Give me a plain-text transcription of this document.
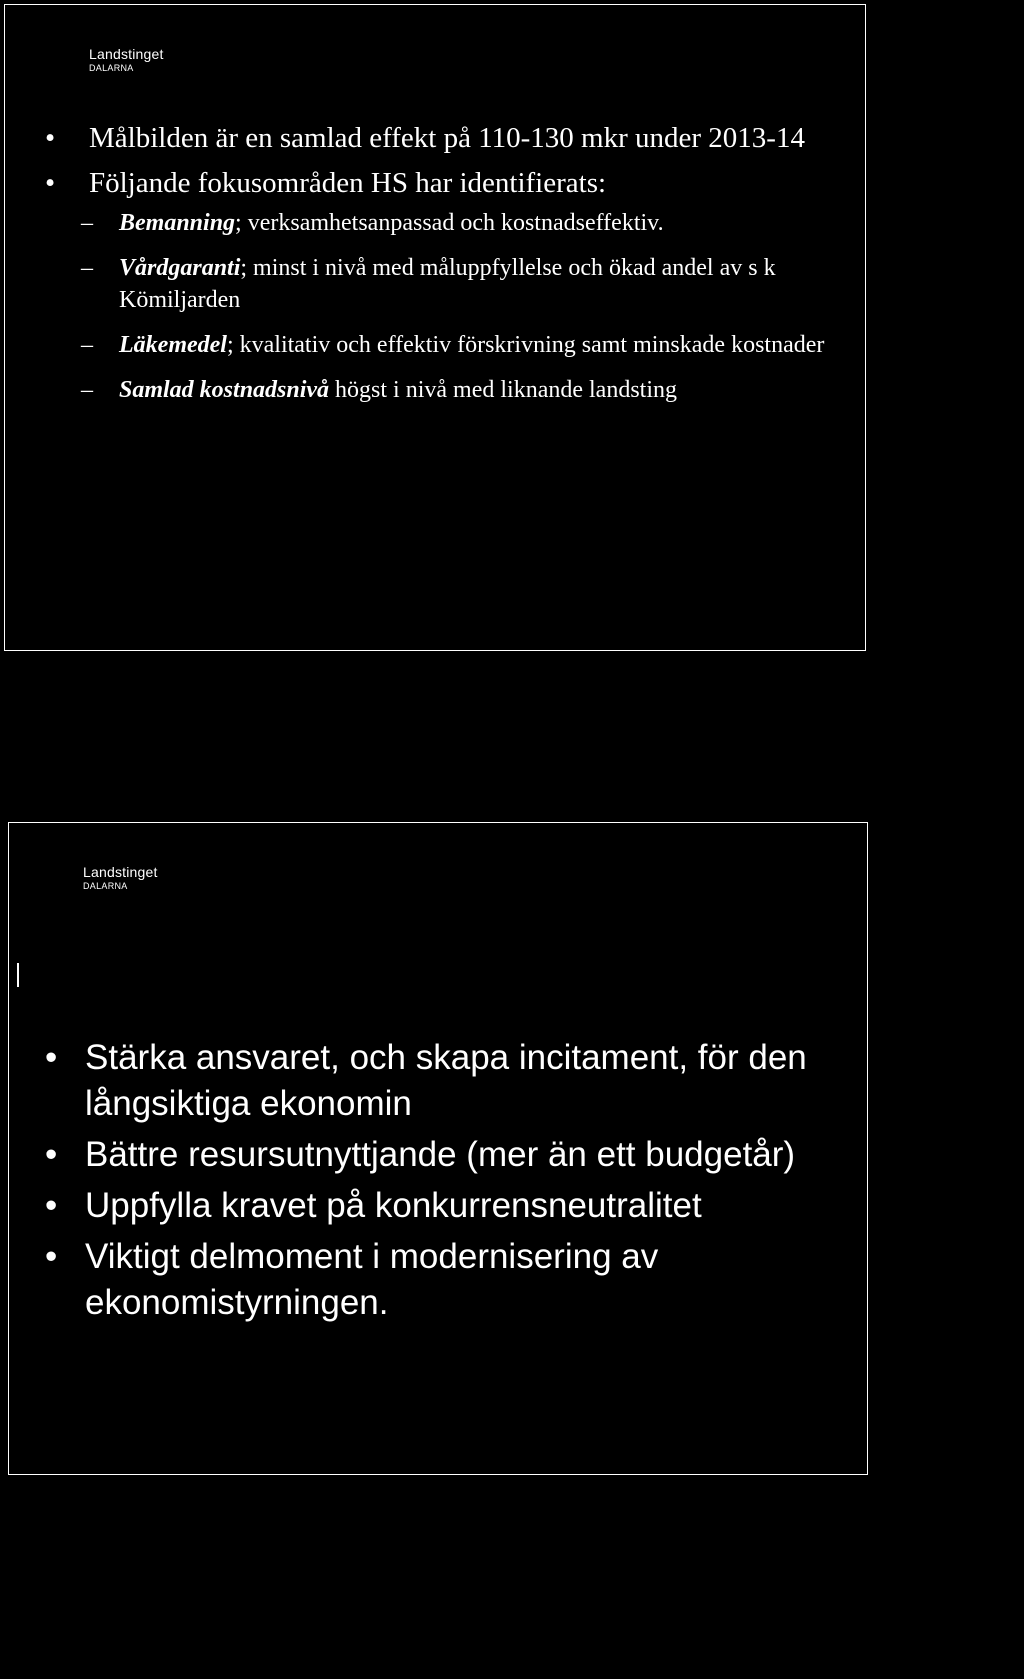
Landstinget
DALARNA
• Målbilden är en samlad effekt på 110-130 mkr under 2013-14
• Följande fokusområden HS har identifierats:
– Bemanning; verksamhetsanpassad och kostnadseffektiv.
– Vårdgaranti; minst i nivå med måluppfyllelse och ökad andel av s k Kömiljarden
– Läkemedel; kvalitativ och effektiv förskrivning samt minskade kostnader
– Samlad kostnadsnivå högst i nivå med liknande landsting
Landstinget
DALARNA
• Stärka ansvaret, och skapa incitament, för den långsiktiga ekonomin
• Bättre resursutnyttjande (mer än ett budgetår)
• Uppfylla kravet på konkurrensneutralitet
• Viktigt delmoment i modernisering av ekonomistyrningen.
